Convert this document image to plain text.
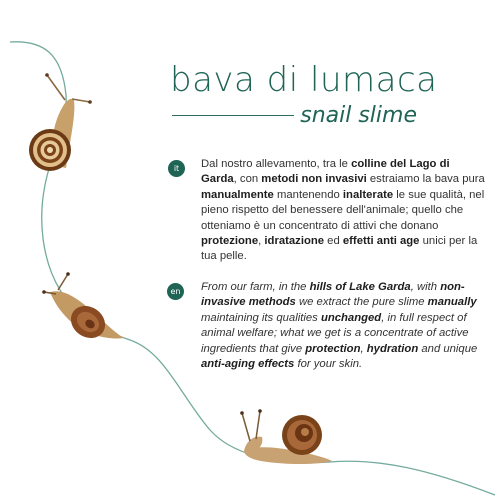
bava di lumaca
snail slime
it	Dal nostro allevamento, tra le colline del Lago di Garda, con metodi non invasivi estraiamo la bava pura manualmente mantenendo inalterate le sue qualità, nel pieno rispetto del benessere dell'animale; quello che otteniamo è un concentrato di attivi che donano protezione, idratazione ed effetti anti age unici per la tua pelle.

en	From our farm, in the hills of Lake Garda, with non-invasive methods we extract the pure slime manually maintaining its qualities unchanged, in full respect of animal welfare; what we get is a concentrate of active ingredients that give protection, hydration and unique anti-aging effects for your skin.
